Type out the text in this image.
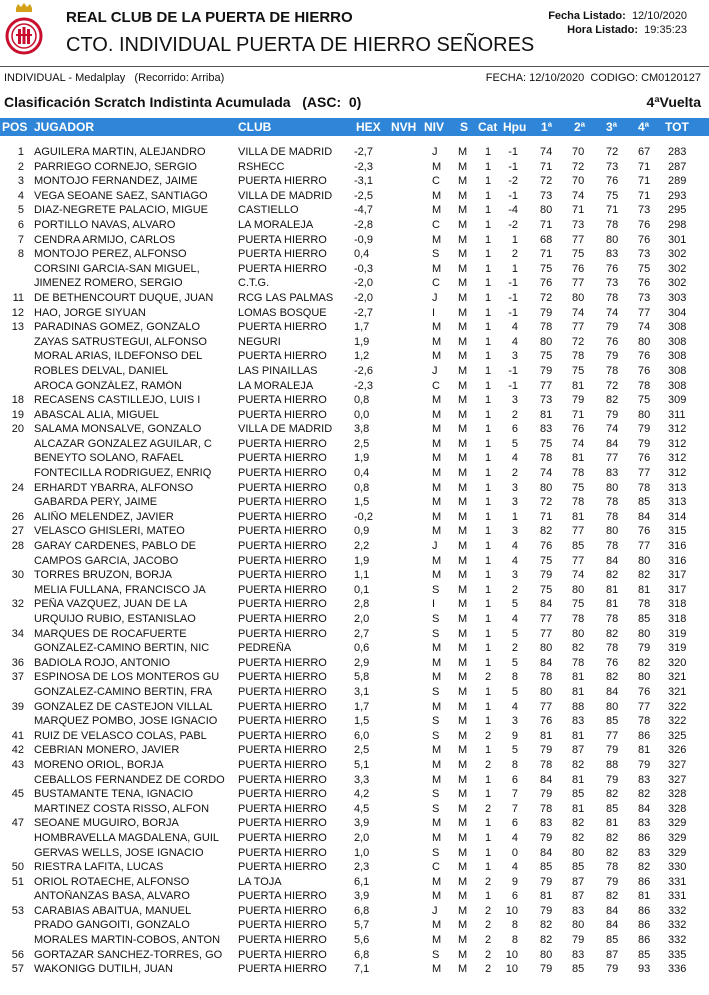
REAL CLUB DE LA PUERTA DE HIERRO
CTO. INDIVIDUAL PUERTA DE HIERRO SEÑORES
Fecha Listado: 12/10/2020
Hora Listado: 19:35:23
INDIVIDUAL - Medalplay   (Recorrido: Arriba)	FECHA: 12/10/2020  CODIGO: CM0120127
Clasificación Scratch Indistinta Acumulada   (ASC:  0)	4ªVuelta
POS JUGADOR	CLUB	HEX NVH NIV S Cat Hpu 1ª 2ª 3ª 4ª TOT
1 AGUILERA MARTIN, ALEJANDRO	VILLA DE MADRID	-2,7	J	M 1	-1 74	70	72	67	283
2 PARRIEGO CORNEJO, SERGIO	RSHECC	-2,3	M M 1	-1 71	72	73	71	287
3 MONTOJO FERNANDEZ, JAIME	PUERTA HIERRO	-3,1	C	M 1	-2 72	70	76	71	289
4 VEGA SEOANE SAEZ, SANTIAGO	VILLA DE MADRID	-2,5	M M 1	-1 73	74	75	71	293
5 DIAZ-NEGRETE PALACIO, MIGUE	CASTIELLO	-4,7	M M 1	-4 80	71	71	73	295
6 PORTILLO NAVAS, ALVARO	LA MORALEJA	-2,8	C	M 1	-2 71	73	78	76	298
7 CENDRA ARMIJO, CARLOS	PUERTA HIERRO	-0,9	M M 1	1 68	77	80	76	301
8 MONTOJO PEREZ, ALFONSO	PUERTA HIERRO	0,4	S	M 1	2 71	75	83	73	302
CORSINI GARCIA-SAN MIGUEL,	PUERTA HIERRO	-0,3	M M 1	1 75	76	76	75	302
JIMENEZ ROMERO, SERGIO	C.T.G.	-2,0	C	M 1	-1 76	77	73	76	302
11 DE BETHENCOURT DUQUE, JUAN	RCG LAS PALMAS	-2,0	J	M 1	-1 72	80	78	73	303
12 HAO, JORGE SIYUAN	LOMAS BOSQUE	-2,7	I	M 1	-1 79	74	74	77	304
13 PARADINAS GOMEZ, GONZALO	PUERTA HIERRO	1,7	M M 1	4 78	77	79	74	308
ZAYAS SATRUSTEGUI, ALFONSO	NEGURI	1,9	M M 1	4 80	72	76	80	308
MORAL ARIAS, ILDEFONSO DEL	PUERTA HIERRO	1,2	M M 1	3 75	78	79	76	308
ROBLES DELVAL, DANIEL	LAS PINAILLAS	-2,6	J	M 1	-1 79	75	78	76	308
AROCA GONZÁLEZ, RAMÓN	LA MORALEJA	-2,3	C	M 1	-1 77	81	72	78	308
18 RECASENS CASTILLEJO, LUIS I	PUERTA HIERRO	0,8	M M 1	3 73	79	82	75	309
19 ABASCAL ALIA, MIGUEL	PUERTA HIERRO	0,0	M M 1	2 81	71	79	80	311
20 SALAMA MONSALVE, GONZALO	VILLA DE MADRID	3,8	M M 1	6 83	76	74	79	312
ALCAZAR GONZALEZ AGUILAR, C	PUERTA HIERRO	2,5	M M 1	5 75	74	84	79	312
BENEYTO SOLANO, RAFAEL	PUERTA HIERRO	1,9	M M 1	4 78	81	77	76	312
FONTECILLA RODRIGUEZ, ENRIQ	PUERTA HIERRO	0,4	M M 1	2 74	78	83	77	312
24 ERHARDT YBARRA, ALFONSO	PUERTA HIERRO	0,8	M M 1	3 80	75	80	78	313
GABARDA PERY, JAIME	PUERTA HIERRO	1,5	M M 1	3 72	78	78	85	313
26 ALIÑO MELENDEZ, JAVIER	PUERTA HIERRO	-0,2	M M 1	1 71	81	78	84	314
27 VELASCO GHISLERI, MATEO	PUERTA HIERRO	0,9	M M 1	3 82	77	80	76	315
28 GARAY CARDENES, PABLO DE	PUERTA HIERRO	2,2	J	M 1	4 76	85	78	77	316
CAMPOS GARCIA, JACOBO	PUERTA HIERRO	1,9	M M 1	4 75	77	84	80	316
30 TORRES BRUZON, BORJA	PUERTA HIERRO	1,1	M M 1	3 79	74	82	82	317
MELIA FULLANA, FRANCISCO JA	PUERTA HIERRO	0,1	S	M 1	2 75	80	81	81	317
32 PEÑA VAZQUEZ, JUAN DE LA	PUERTA HIERRO	2,8	I	M 1	5 84	75	81	78	318
URQUIJO RUBIO, ESTANISLAO	PUERTA HIERRO	2,0	S	M 1	4 77	78	78	85	318
34 MARQUES DE ROCAFUERTE	PUERTA HIERRO	2,7	S	M 1	5 77	80	82	80	319
GONZALEZ-CAMINO BERTIN, NIC	PEDREÑA	0,6	M M 1	2 80	82	78	79	319
36 BADIOLA ROJO, ANTONIO	PUERTA HIERRO	2,9	M M 1	5 84	78	76	82	320
37 ESPINOSA DE LOS MONTEROS GU	PUERTA HIERRO	5,8	M M 2	8 78	81	82	80	321
GONZALEZ-CAMINO BERTIN, FRA	PUERTA HIERRO	3,1	S	M 1	5 80	81	84	76	321
39 GONZALEZ DE CASTEJON VILLAL	PUERTA HIERRO	1,7	M M 1	4 77	88	80	77	322
MARQUEZ POMBO, JOSE IGNACIO	PUERTA HIERRO	1,5	S	M 1	3 76	83	85	78	322
41 RUIZ DE VELASCO COLAS, PABL	PUERTA HIERRO	6,0	S	M 2	9 81	81	77	86	325
42 CEBRIAN MONERO, JAVIER	PUERTA HIERRO	2,5	M M 1	5 79	87	79	81	326
43 MORENO ORIOL, BORJA	PUERTA HIERRO	5,1	M M 2	8 78	82	88	79	327
CEBALLOS FERNANDEZ DE CORDO	PUERTA HIERRO	3,3	M M 1	6 84	81	79	83	327
45 BUSTAMANTE TENA, IGNACIO	PUERTA HIERRO	4,2	S	M 1	7 79	85	82	82	328
MARTINEZ COSTA RISSO, ALFON	PUERTA HIERRO	4,5	S	M 2	7 78	81	85	84	328
47 SEOANE MUGUIRO, BORJA	PUERTA HIERRO	3,9	M M 1	6 83	82	81	83	329
HOMBRAVELLA MAGDALENA, GUIL	PUERTA HIERRO	2,0	M M 1	4 79	82	82	86	329
GERVAS WELLS, JOSE IGNACIO	PUERTA HIERRO	1,0	S	M 1	0 84	80	82	83	329
50 RIESTRA LAFITA, LUCAS	PUERTA HIERRO	2,3	C	M 1	4 85	85	78	82	330
51 ORIOL ROTAECHE, ALFONSO	LA TOJA	6,1	M M 2	9 79	87	79	86	331
ANTOÑANZAS BASA, ALVARO	PUERTA HIERRO	3,9	M M 1	6 81	87	82	81	331
53 CARABIAS ABAITUA, MANUEL	PUERTA HIERRO	6,8	J	M 2	10 79	83	84	86	332
PRADO GANGOITI, GONZALO	PUERTA HIERRO	5,7	M M 2	8 82	80	84	86	332
MORALES MARTIN-COBOS, ANTON	PUERTA HIERRO	5,6	M M 2	8 82	79	85	86	332
56 GORTAZAR SANCHEZ-TORRES, GO	PUERTA HIERRO	6,8	S	M 2	10 80	83	87	85	335
57 WAKONIGG DUTILH, JUAN	PUERTA HIERRO	7,1	M M 2	10 79	85	79	93	336
